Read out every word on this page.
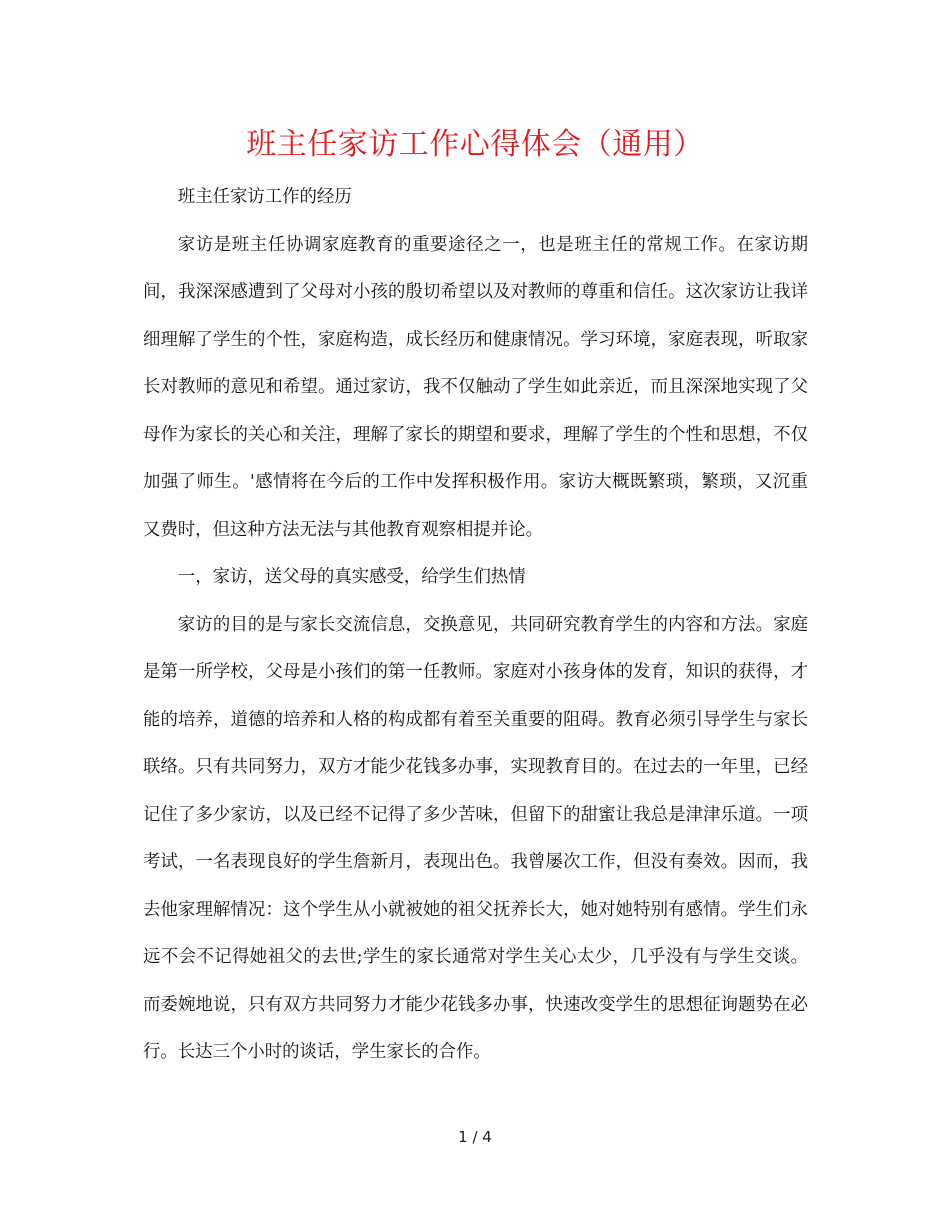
班主任家访工作心得体会（通用）

班主任家访工作的经历

家访是班主任协调家庭教育的重要途径之一，也是班主任的常规工作。在家访期间，我深深感遭到了父母对小孩的殷切希望以及对教师的尊重和信任。这次家访让我详细理解了学生的个性，家庭构造，成长经历和健康情况。学习环境，家庭表现，听取家长对教师的意见和希望。通过家访，我不仅触动了学生如此亲近，而且深深地实现了父母作为家长的关心和关注，理解了家长的期望和要求，理解了学生的个性和思想，不仅加强了师生。'感情将在今后的工作中发挥积极作用。家访大概既繁琐，繁琐，又沉重又费时，但这种方法无法与其他教育观察相提并论。

一，家访，送父母的真实感受，给学生们热情

家访的目的是与家长交流信息，交换意见，共同研究教育学生的内容和方法。家庭是第一所学校，父母是小孩们的第一任教师。家庭对小孩身体的发育，知识的获得，才能的培养，道德的培养和人格的构成都有着至关重要的阻碍。教育必须引导学生与家长联络。只有共同努力，双方才能少花钱多办事，实现教育目的。在过去的一年里，已经记住了多少家访，以及已经不记得了多少苦味，但留下的甜蜜让我总是津津乐道。一项考试，一名表现良好的学生詹新月，表现出色。我曾屡次工作，但没有奏效。因而，我去他家理解情况：这个学生从小就被她的祖父抚养长大，她对她特别有感情。学生们永远不会不记得她祖父的去世;学生的家长通常对学生关心太少，几乎没有与学生交谈。而委婉地说，只有双方共同努力才能少花钱多办事，快速改变学生的思想征询题势在必行。长达三个小时的谈话，学生家长的合作。

1 / 4
